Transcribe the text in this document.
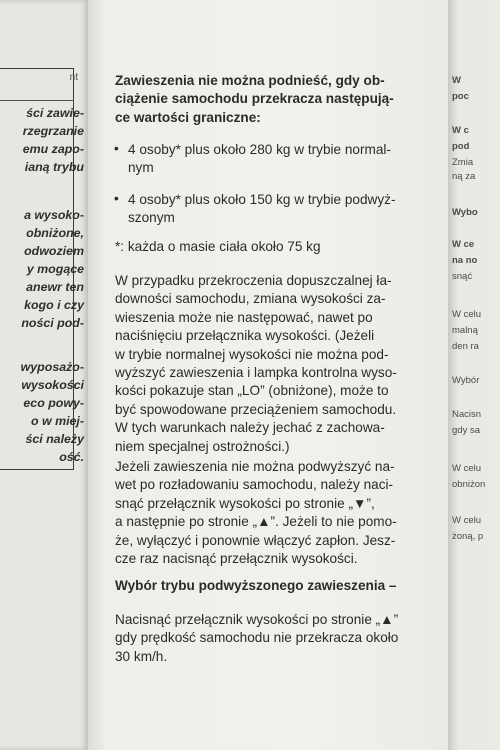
ści zawie-
rzegrzanie
emu zapo-
ianą trybu
a wysoko-
obniżone,
odwoziem
y mogące
anewr ten
kogo i czy
ności pod-
wyposażo-
wysokości
eco powy-
o w miej-
ści należy
ość.
nt	Zawieszenia nie można podnieść, gdy ob-
ciążenie samochodu przekracza następują-
ce wartości graniczne:
• 4 osoby* plus około 280 kg w trybie normal-
nym
• 4 osoby* plus około 150 kg w trybie podwyż-
szonym
*: każda o masie ciała około 75 kg
W przypadku przekroczenia dopuszczalnej ła-
downości samochodu, zmiana wysokości za-
wieszenia może nie następować, nawet po
naciśnięciu przełącznika wysokości. (Jeżeli
w trybie normalnej wysokości nie można pod-
wyższyć zawieszenia i lampka kontrolna wyso-
kości pokazuje stan „LO” (obniżone), może to
być spowodowane przeciążeniem samochodu.
W tych warunkach należy jechać z zachowa-
niem specjalnej ostrożności.)
Jeżeli zawieszenia nie można podwyższyć na-
wet po rozładowaniu samochodu, należy naci-
snąć przełącznik wysokości po stronie „▼”,
a następnie po stronie „▲”. Jeżeli to nie pomo-
że, wyłączyć i ponownie włączyć zapłon. Jesz-
cze raz nacisnąć przełącznik wysokości.
Wybór trybu podwyższonego zawieszenia –
Nacisnąć przełącznik wysokości po stronie „▲”
gdy prędkość samochodu nie przekracza około
30 km/h.
W
poc
W c
pod
Zmia
ną za
Wybo
W ce
na no
snąć
W celu
malną
den ra
Wybór
Nacisn
gdy sa
W celu
obniżon
W celu
żoną, p
